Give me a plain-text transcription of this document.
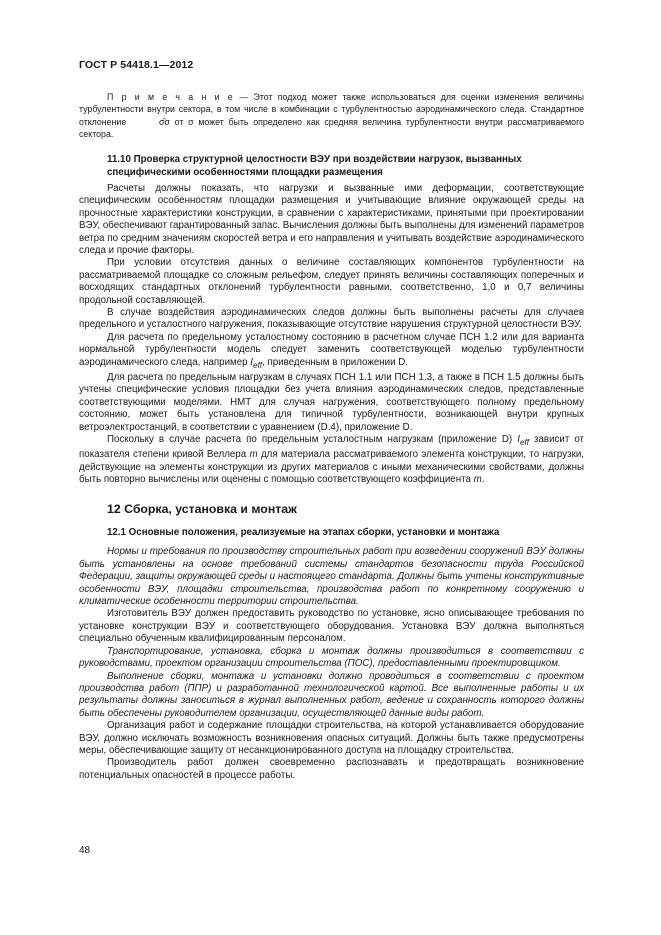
ГОСТ Р 54418.1—2012

П р и м е ч а н и е — Этот подход может также использоваться для оценки изменения величины турбулентности внутри сектора, в том числе в комбинации с турбулентностью аэродинамического следа. Стандартное отклонение	σ̂σ от σ может быть определено как средняя величина турбулентности внутри рассматриваемого сектора.

11.10 Проверка структурной целостности ВЭУ при воздействии нагрузок, вызванных
специфическими особенностями площадки размещения

Расчеты должны показать, что нагрузки и вызванные ими деформации, соответствующие специфическим особенностям площадки размещения и учитывающие влияние окружающей среды на прочностные характеристики конструкции, в сравнении с характеристиками, принятыми при проектировании ВЭУ, обеспечивают гарантированный запас. Вычисления должны быть выполнены для изменений параметров ветра по средним значениям скоростей ветра и его направления и учитывать воздействие аэродинамического следа и прочие факторы.

При условии отсутствия данных о величине составляющих компонентов турбулентности на рассматриваемой площадке со сложным рельефом, следует принять величины составляющих поперечных и восходящих стандартных отклонений турбулентности равными, соответственно, 1,0 и 0,7 величины продольной составляющей.

В случае воздействия аэродинамических следов должны быть выполнены расчеты для случаев предельного и усталостного нагружения, показывающие отсутствие нарушения структурной целостности ВЭУ.

Для расчета по предельному усталостному состоянию в расчетном случае ПСН 1.2 или для варианта нормальной турбулентности модель следует заменить соответствующей моделью турбулентности аэродинамического следа, например $I_{eff}$, приведенным в приложении D.

Для расчета по предельным нагрузкам в случаях ПСН 1.1 или ПСН 1.3, а также в ПСН 1.5 должны быть учтены специфические условия площадки без учета влияния аэродинамических следов, представленные соответствующими моделями. НМТ для случая нагружения, соответствующего полному предельному состоянию, может быть установлена для типичной турбулентности, возникающей внутри крупных ветроэлектростанций, в соответствии с уравнением (D.4), приложение D.

Поскольку в случае расчета по предельным усталостным нагрузкам (приложение D) $I_{eff}$ зависит от показателя степени кривой Веллера m для материала рассматриваемого элемента конструкции, то нагрузки, действующие на элементы конструкции из других материалов с иными механическими свойствами, должны быть повторно вычислены или оценены с помощью соответствующего коэффициента m.

12 Сборка, установка и монтаж
12.1 Основные положения, реализуемые на этапах сборки, установки и монтажа

Нормы и требования по производству строительных работ при возведении сооружений ВЭУ должны быть установлены на основе требований системы стандартов безопасности труда Российской Федерации, защиты окружающей среды и настоящего стандарта. Должны быть учтены конструктивные особенности ВЭУ, площадки строительства, производства работ по конкретному сооружению и климатические особенности территории строительства.

Изготовитель ВЭУ должен предоставить руководство по установке, ясно описывающее требования по установке конструкции ВЭУ и соответствующего оборудования. Установка ВЭУ должна выполняться специально обученным квалифицированным персоналом.

Транспортирование, установка, сборка и монтаж должны производиться в соответствии с руководствами, проектом организации строительства (ПОС), предоставленными проектировщиком.

Выполнение сборки, монтажа и установки должно проводиться в соответствии с проектом производства работ (ППР) и разработанной технологической картой. Все выполненные работы и их результаты должны заноситься в журнал выполненных работ, ведение и сохранность которого должны быть обеспечены руководителем организации, осуществляющей данные виды работ.

Организация работ и содержание площадки строительства, на которой устанавливается оборудование ВЭУ, должно исключать возможность возникновения опасных ситуаций. Должны быть также предусмотрены меры, обеспечивающие защиту от несанкционированного доступа на площадку строительства.

Производитель работ должен своевременно распознавать и предотвращать возникновение потенциальных опасностей в процессе работы.

48
